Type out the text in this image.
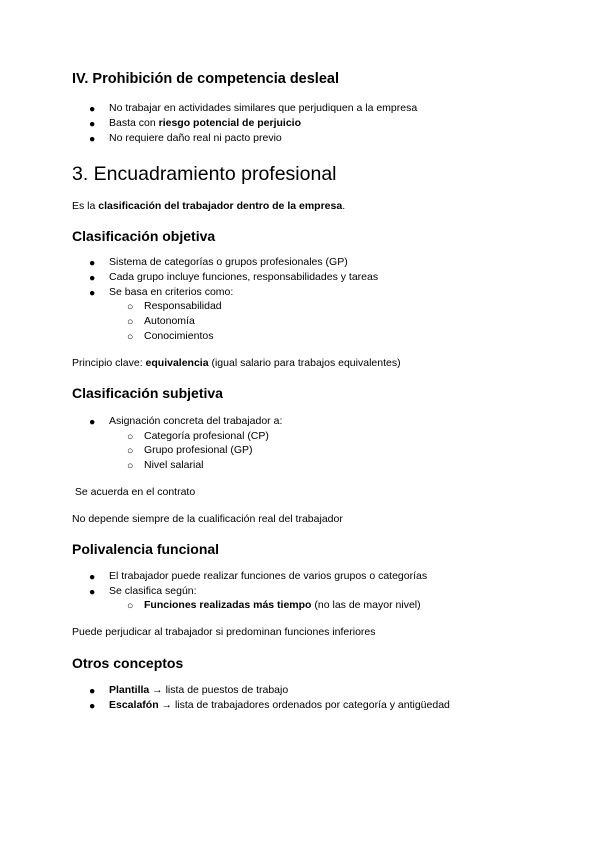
IV. Prohibición de competencia desleal
● No trabajar en actividades similares que perjudiquen a la empresa

● Basta con riesgo potencial de perjuicio

● No requiere daño real ni pacto previo

3. Encuadramiento profesional

Es la clasificación del trabajador dentro de la empresa.

Clasificación objetiva
● Sistema de categorías o grupos profesionales (GP)

● Cada grupo incluye funciones, responsabilidades y tareas

● Se basa en criterios como:

○ Responsabilidad

○ Autonomía

○ Conocimientos

Principio clave: equivalencia (igual salario para trabajos equivalentes)

Clasificación subjetiva
● Asignación concreta del trabajador a:

○ Categoría profesional (CP)

○ Grupo profesional (GP)

○ Nivel salarial

Se acuerda en el contrato

No depende siempre de la cualificación real del trabajador

Polivalencia funcional
● El trabajador puede realizar funciones de varios grupos o categorías

● Se clasifica según:

○ Funciones realizadas más tiempo (no las de mayor nivel)

Puede perjudicar al trabajador si predominan funciones inferiores

Otros conceptos
● Plantilla → lista de puestos de trabajo

● Escalafón → lista de trabajadores ordenados por categoría y antigüedad
